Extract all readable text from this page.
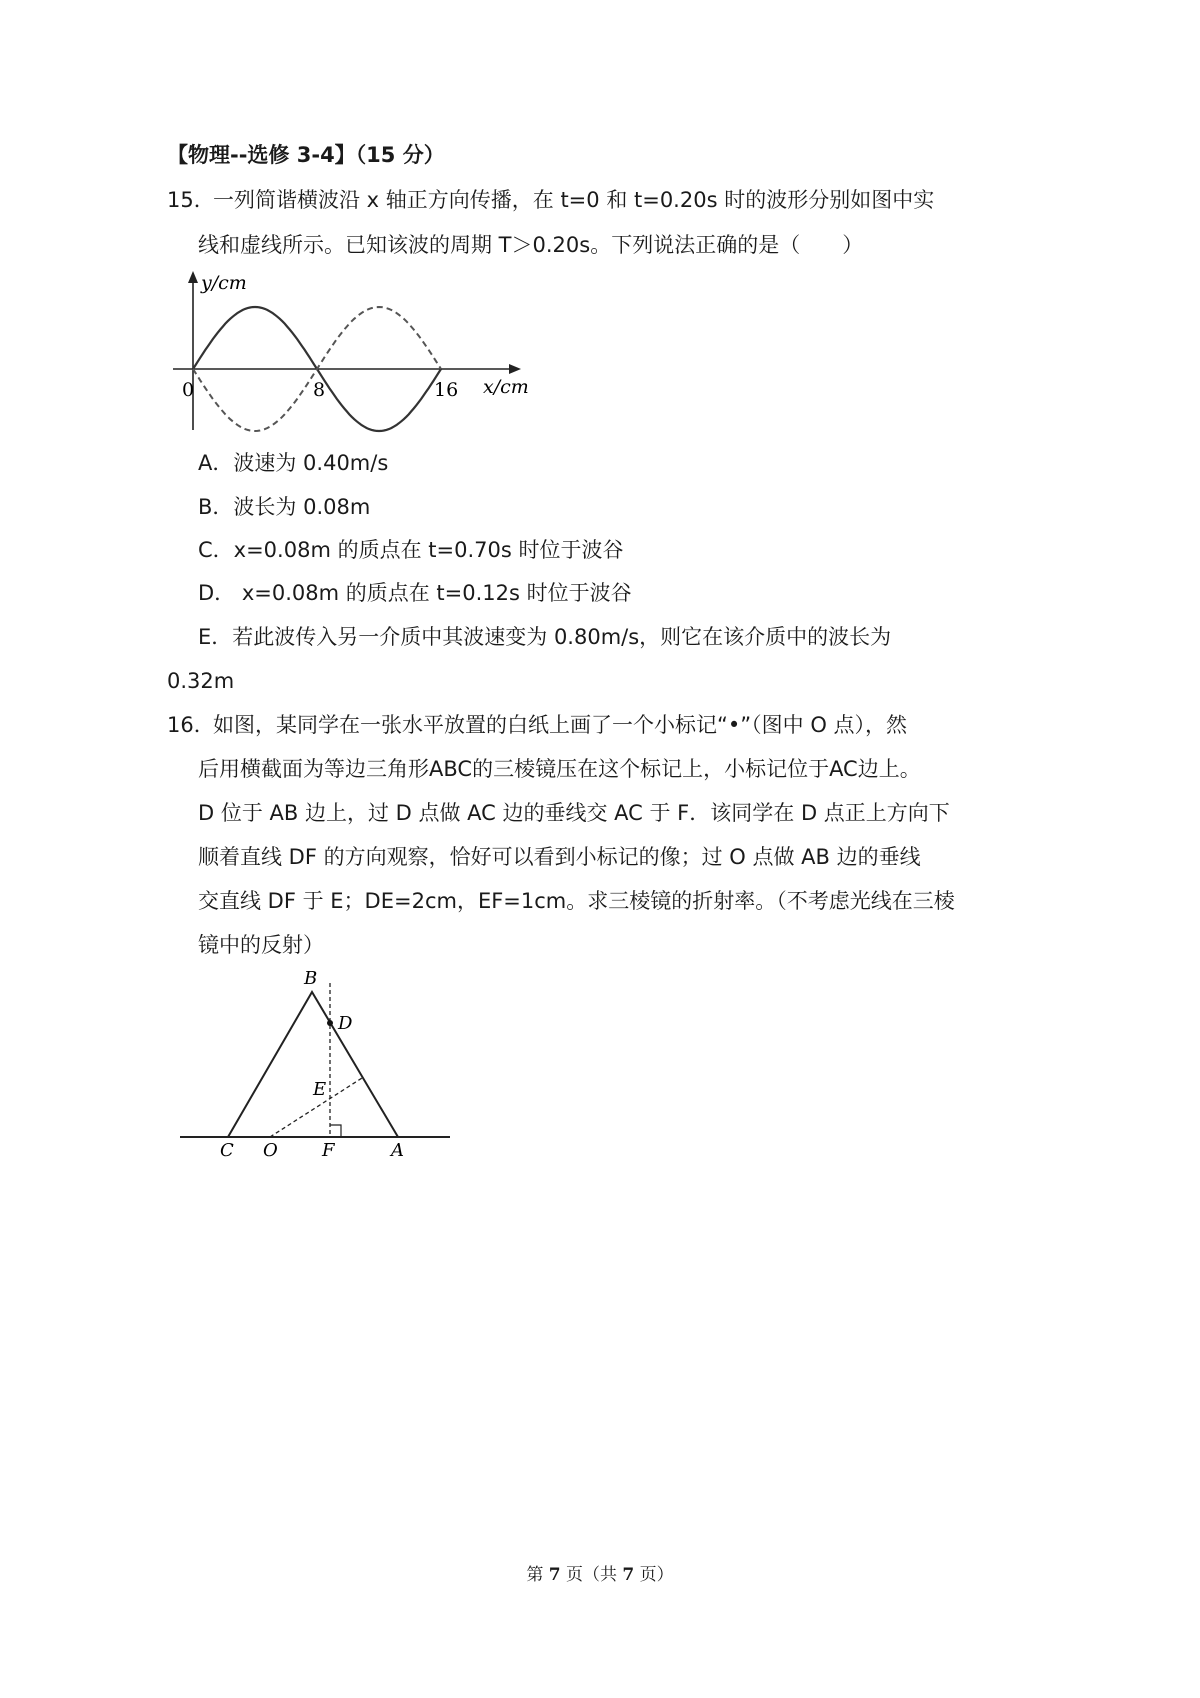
【物理--选修 3-4】（15 分）
15．
一列简谐横波沿 x 轴正方向传播，在 t=0 和 t=0.20s 时的波形分别如图中实
线和虚线所示。已知该波的周期 T＞0.20s。下列说法正确的是（　　）
y/cm
x/cm
0	8	16
A．波速为 0.40m/s
B．波长为 0.08m
C．x=0.08m 的质点在 t=0.70s 时位于波谷
D． x=0.08m 的质点在 t=0.12s 时位于波谷
E．若此波传入另一介质中其波速变为 0.80m/s，则它在该介质中的波长为
0.32m
16．
如图，某同学在一张水平放置的白纸上画了一个小标记“•”（图中 O 点），然
后用横截面为等边三角形ABC的三棱镜压在这个标记上，小标记位于AC边上。
D 位于 AB 边上，过 D 点做 AC 边的垂线交 AC 于 F．该同学在 D 点正上方向下
顺着直线 DF 的方向观察，恰好可以看到小标记的像；过 O 点做 AB 边的垂线
交直线 DF 于 E；DE=2cm，EF=1cm。求三棱镜的折射率。（不考虑光线在三棱
镜中的反射）
B
D
E
C O F	A
第 7 页（共 7 页）
